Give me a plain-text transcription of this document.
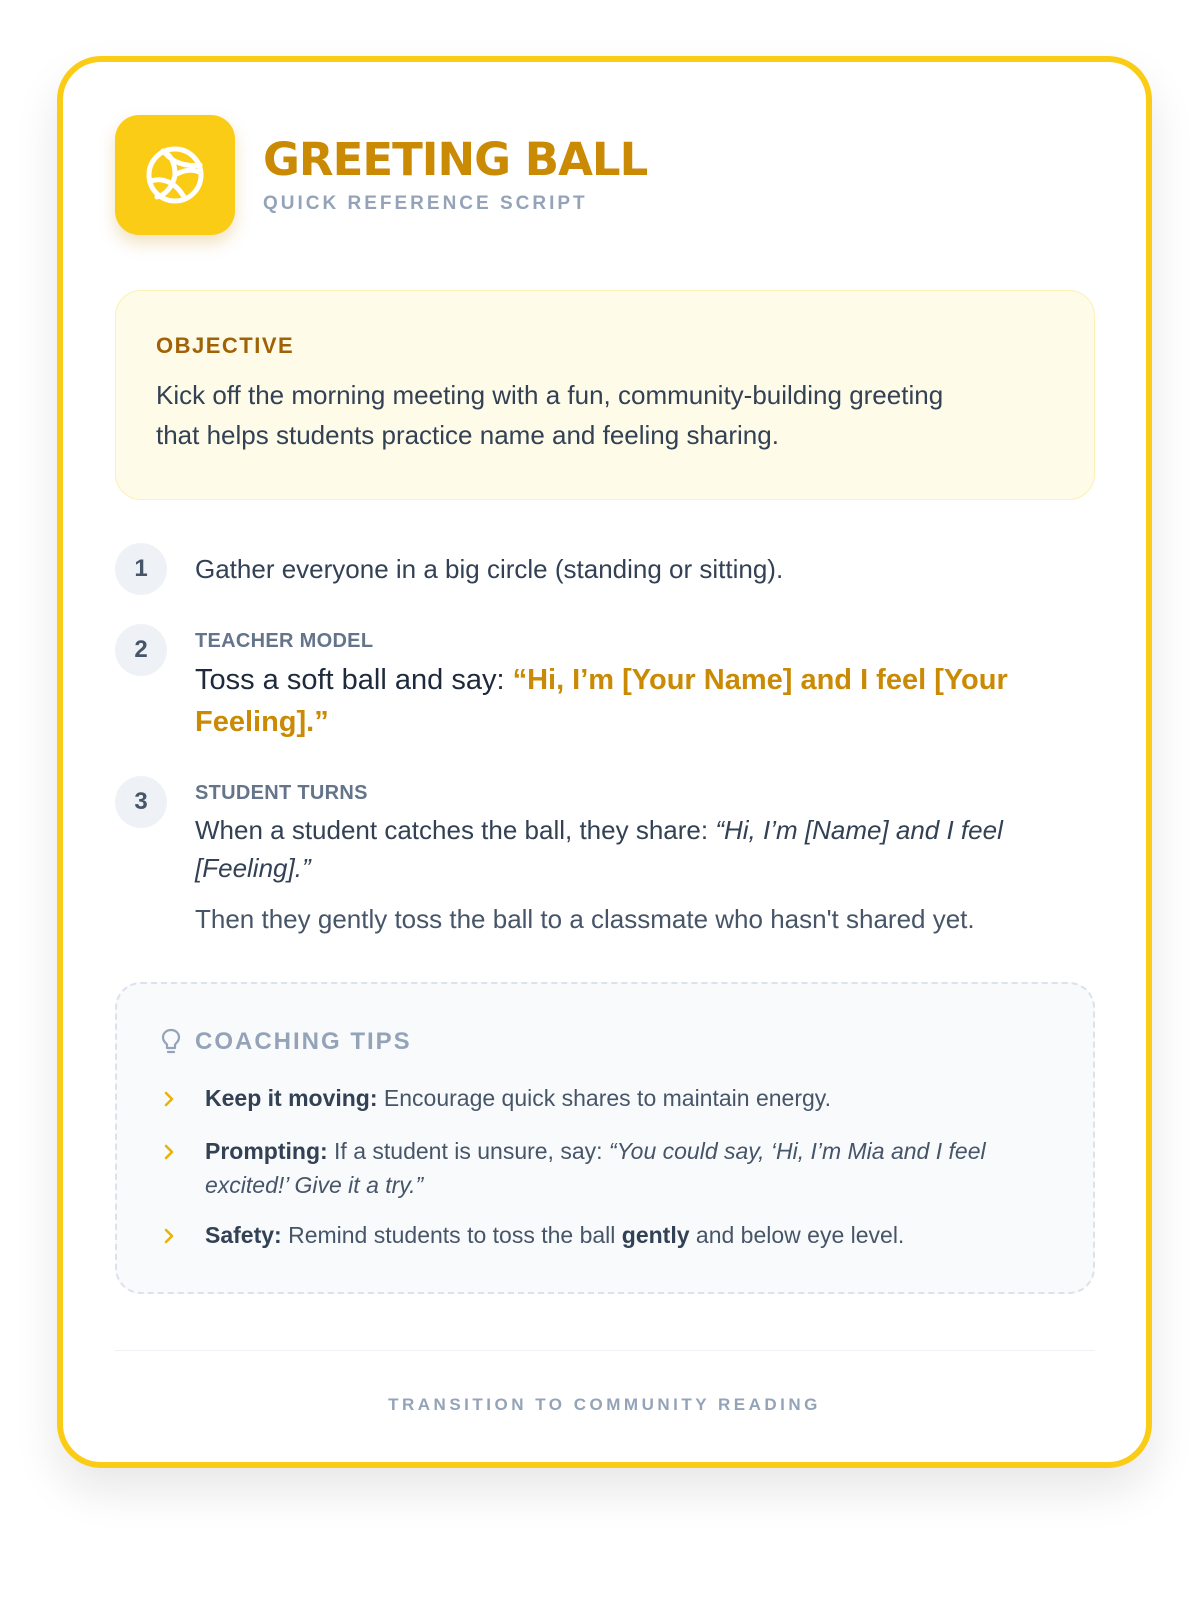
GREETING BALL
QUICK REFERENCE SCRIPT
OBJECTIVE
Kick off the morning meeting with a fun, community-building greeting
that helps students practice name and feeling sharing.
1	Gather everyone in a big circle (standing or sitting).
2	TEACHER MODEL
Toss a soft ball and say: “Hi, I’m [Your Name] and I feel [Your
Feeling].”
3	STUDENT TURNS
When a student catches the ball, they share: “Hi, I’m [Name] and I feel
[Feeling].”
Then they gently toss the ball to a classmate who hasn't shared yet.
COACHING TIPS
Keep it moving: Encourage quick shares to maintain energy.
Prompting: If a student is unsure, say: “You could say, ‘Hi, I’m Mia and I feel
excited!’ Give it a try.”
Safety: Remind students to toss the ball gently and below eye level.
TRANSITION TO COMMUNITY READING
